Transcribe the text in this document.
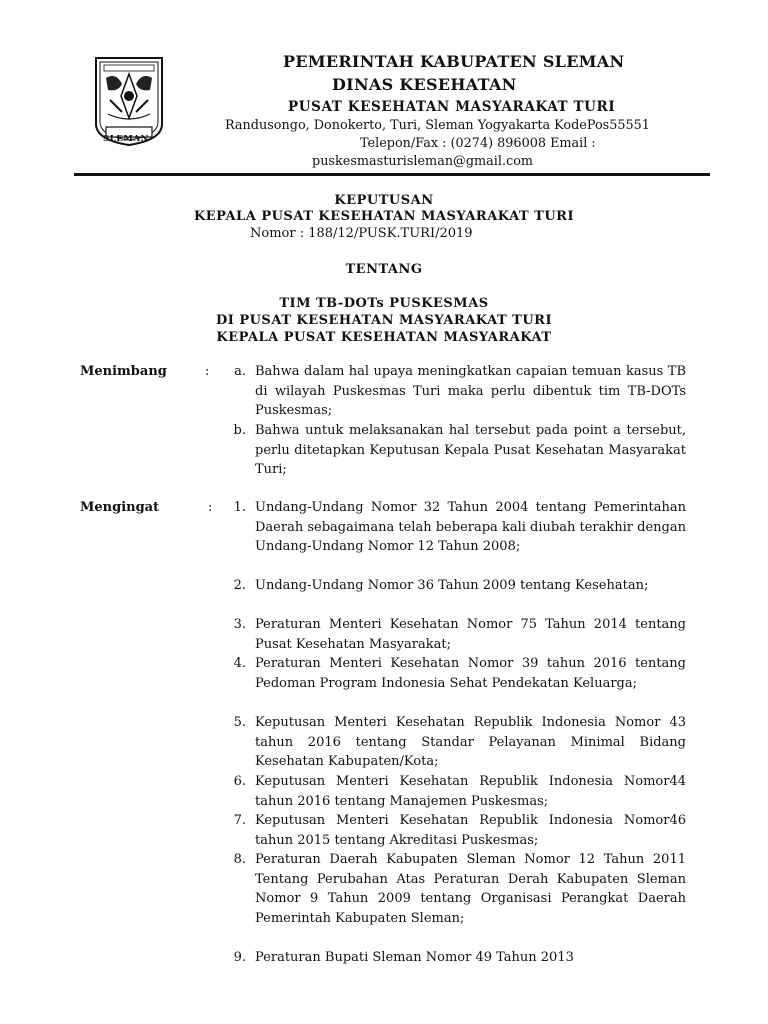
SLEMAN
PEMERINTAH KABUPATEN SLEMAN
DINAS KESEHATAN
PUSAT KESEHATAN MASYARAKAT TURI
Randusongo, Donokerto, Turi, Sleman Yogyakarta KodePos55551
Telepon/Fax : (0274) 896008 Email :
puskesmasturisleman@gmail.com
KEPUTUSAN
KEPALA PUSAT KESEHATAN MASYARAKAT TURI
Nomor : 188/12/PUSK.TURI/2019
TENTANG
TIM TB-DOTs PUSKESMAS
DI PUSAT KESEHATAN MASYARAKAT TURI
KEPALA PUSAT KESEHATAN MASYARAKAT
Menimbang	:	a. Bahwa dalam hal upaya meningkatkan capaian temuan kasus TB di wilayah Puskesmas Turi maka perlu dibentuk tim TB-DOTs Puskesmas;
b. Bahwa untuk melaksanakan hal tersebut pada point a tersebut, perlu ditetapkan Keputusan Kepala Pusat Kesehatan Masyarakat Turi;
Mengingat	:	1. Undang-Undang Nomor 32 Tahun 2004 tentang Pemerintahan Daerah sebagaimana telah beberapa kali diubah terakhir dengan Undang-Undang Nomor 12 Tahun 2008;
2. Undang-Undang Nomor 36 Tahun 2009 tentang Kesehatan;
3. Peraturan Menteri Kesehatan Nomor 75 Tahun 2014 tentang Pusat Kesehatan Masyarakat;
4. Peraturan Menteri Kesehatan Nomor 39 tahun 2016 tentang Pedoman Program Indonesia Sehat Pendekatan Keluarga;
5. Keputusan Menteri Kesehatan Republik Indonesia Nomor 43 tahun 2016 tentang Standar Pelayanan Minimal Bidang Kesehatan Kabupaten/Kota;
6. Keputusan Menteri Kesehatan Republik Indonesia Nomor44 tahun 2016 tentang Manajemen Puskesmas;
7. Keputusan Menteri Kesehatan Republik Indonesia Nomor46 tahun 2015 tentang Akreditasi Puskesmas;
8. Peraturan Daerah Kabupaten Sleman Nomor 12 Tahun 2011 Tentang Perubahan Atas Peraturan Derah Kabupaten Sleman Nomor 9 Tahun 2009 tentang Organisasi Perangkat Daerah Pemerintah Kabupaten Sleman;
9. Peraturan Bupati Sleman Nomor 49 Tahun 2013
